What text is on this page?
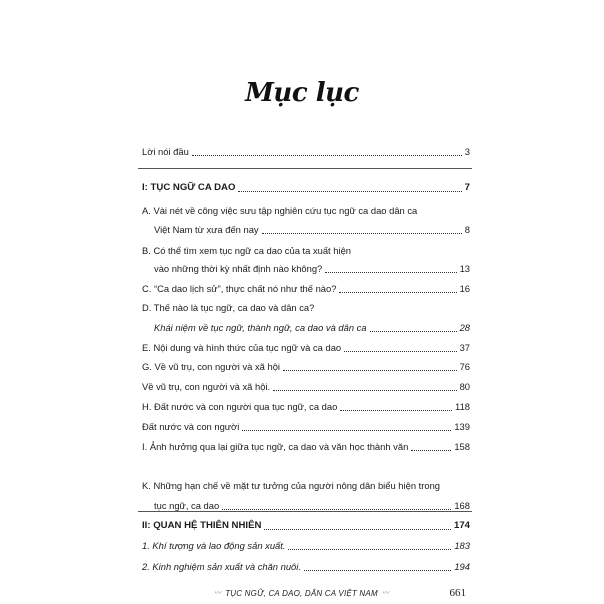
Mục lục
Lời nói đầu	3
I: TỤC NGỮ CA DAO	7
A. Vài nét về công việc sưu tập nghiên cứu tục ngữ ca dao dân ca
Việt Nam từ xưa đến nay	8
B. Có thể tìm xem tục ngữ ca dao của ta xuất hiện
vào những thời kỳ nhất định nào không?	13
C. “Ca dao lịch sử”, thực chất nó như thế nào?	16
D. Thế nào là tục ngữ, ca dao và dân ca?
Khái niệm về tục ngữ, thành ngữ, ca dao và dân ca	28
E. Nội dung và hình thức của tục ngữ và ca dao	37
G. Về vũ trụ, con người và xã hội	76
Về vũ trụ, con người và xã hội.	80
H. Đất nước và con người qua tục ngữ, ca dao	118
Đất nước và con người	139
I. Ảnh hưởng qua lại giữa tục ngữ, ca dao và văn học thành văn	158
K. Những hạn chế về mặt tư tưởng của người nông dân biểu hiện trong
tục ngữ, ca dao	168
II: QUAN HỆ THIÊN NHIÊN	174
1. Khí tượng và lao động sản xuất.	183
2. Kinh nghiệm sản xuất và chăn nuôi.	194
〰 TỤC NGỮ, CA DAO, DÂN CA VIỆT NAM 〰	661
